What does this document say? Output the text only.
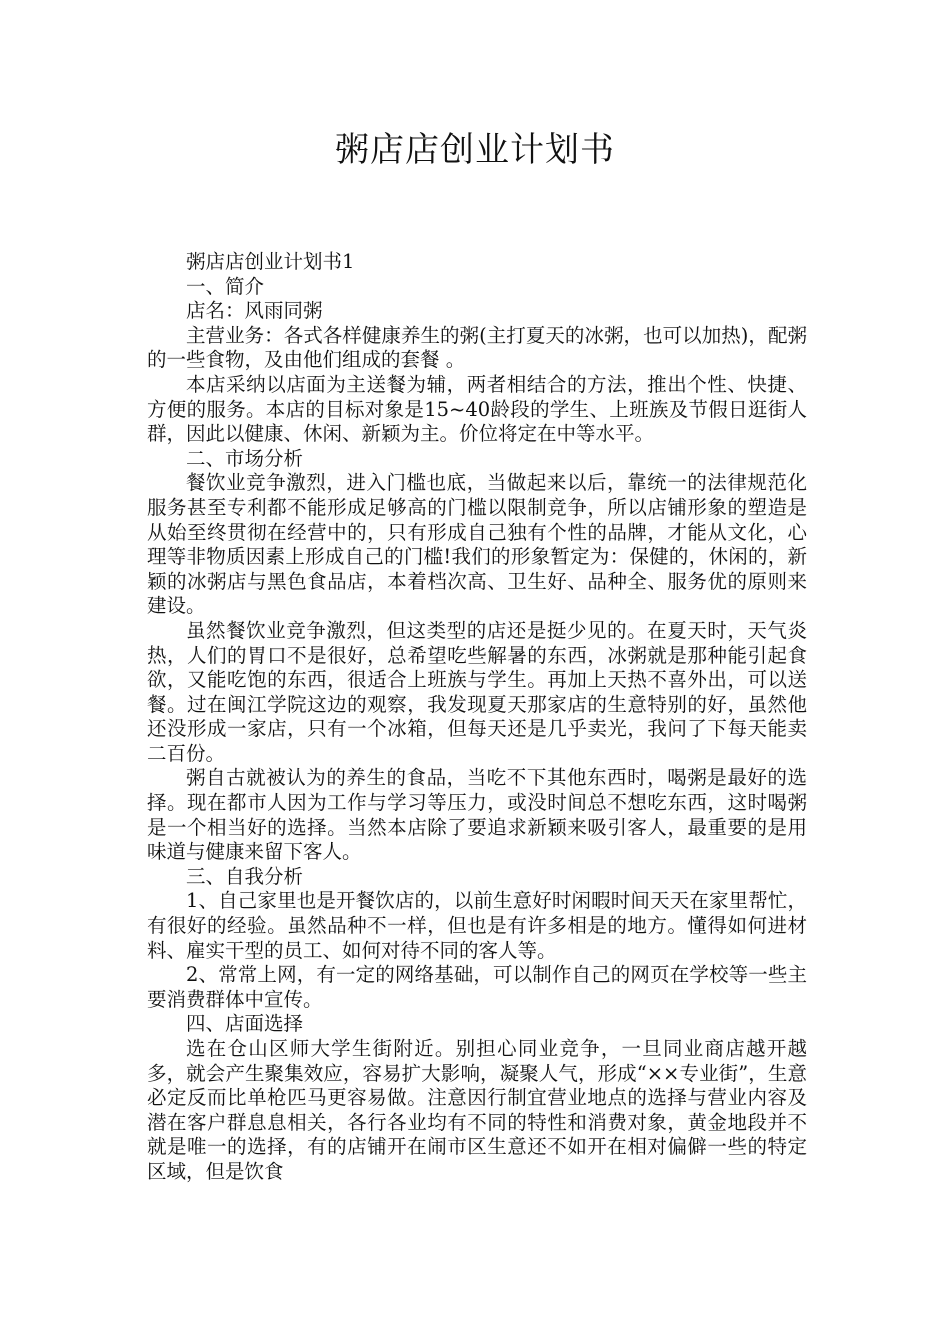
粥店店创业计划书

粥店店创业计划书1

一、简介

店名：风雨同粥

主营业务：各式各样健康养生的粥(主打夏天的冰粥，也可以加热)，配粥的一些食物，及由他们组成的套餐 。

本店采纳以店面为主送餐为辅，两者相结合的方法，推出个性、快捷、方便的服务。本店的目标对象是15~40龄段的学生、上班族及节假日逛街人群，因此以健康、休闲、新颖为主。价位将定在中等水平。

二、市场分析

餐饮业竞争激烈，进入门槛也底，当做起来以后，靠统一的法律规范化服务甚至专利都不能形成足够高的门槛以限制竞争，所以店铺形象的塑造是从始至终贯彻在经营中的，只有形成自己独有个性的品牌，才能从文化，心理等非物质因素上形成自己的门槛!我们的形象暂定为：保健的，休闲的，新颖的冰粥店与黑色食品店，本着档次高、卫生好、品种全、服务优的原则来建设。

虽然餐饮业竞争激烈，但这类型的店还是挺少见的。在夏天时，天气炎热，人们的胃口不是很好，总希望吃些解暑的东西，冰粥就是那种能引起食欲，又能吃饱的东西，很适合上班族与学生。再加上天热不喜外出，可以送餐。过在闽江学院这边的观察，我发现夏天那家店的生意特别的好，虽然他还没形成一家店，只有一个冰箱，但每天还是几乎卖光，我问了下每天能卖二百份。

粥自古就被认为的养生的食品，当吃不下其他东西时，喝粥是最好的选择。现在都市人因为工作与学习等压力，或没时间总不想吃东西，这时喝粥是一个相当好的选择。当然本店除了要追求新颖来吸引客人，最重要的是用味道与健康来留下客人。

三、自我分析

1、自己家里也是开餐饮店的，以前生意好时闲暇时间天天在家里帮忙，有很好的经验。虽然品种不一样，但也是有许多相是的地方。懂得如何进材料、雇实干型的员工、如何对待不同的客人等。

2、常常上网，有一定的网络基础，可以制作自己的网页在学校等一些主要消费群体中宣传。

四、店面选择

选在仓山区师大学生街附近。别担心同业竞争，一旦同业商店越开越多，就会产生聚集效应，容易扩大影响，凝聚人气，形成“××专业街”，生意必定反而比单枪匹马更容易做。注意因行制宜营业地点的选择与营业内容及潜在客户群息息相关，各行各业均有不同的特性和消费对象，黄金地段并不就是唯一的选择，有的店铺开在闹市区生意还不如开在相对偏僻一些的特定区域，但是饮食
